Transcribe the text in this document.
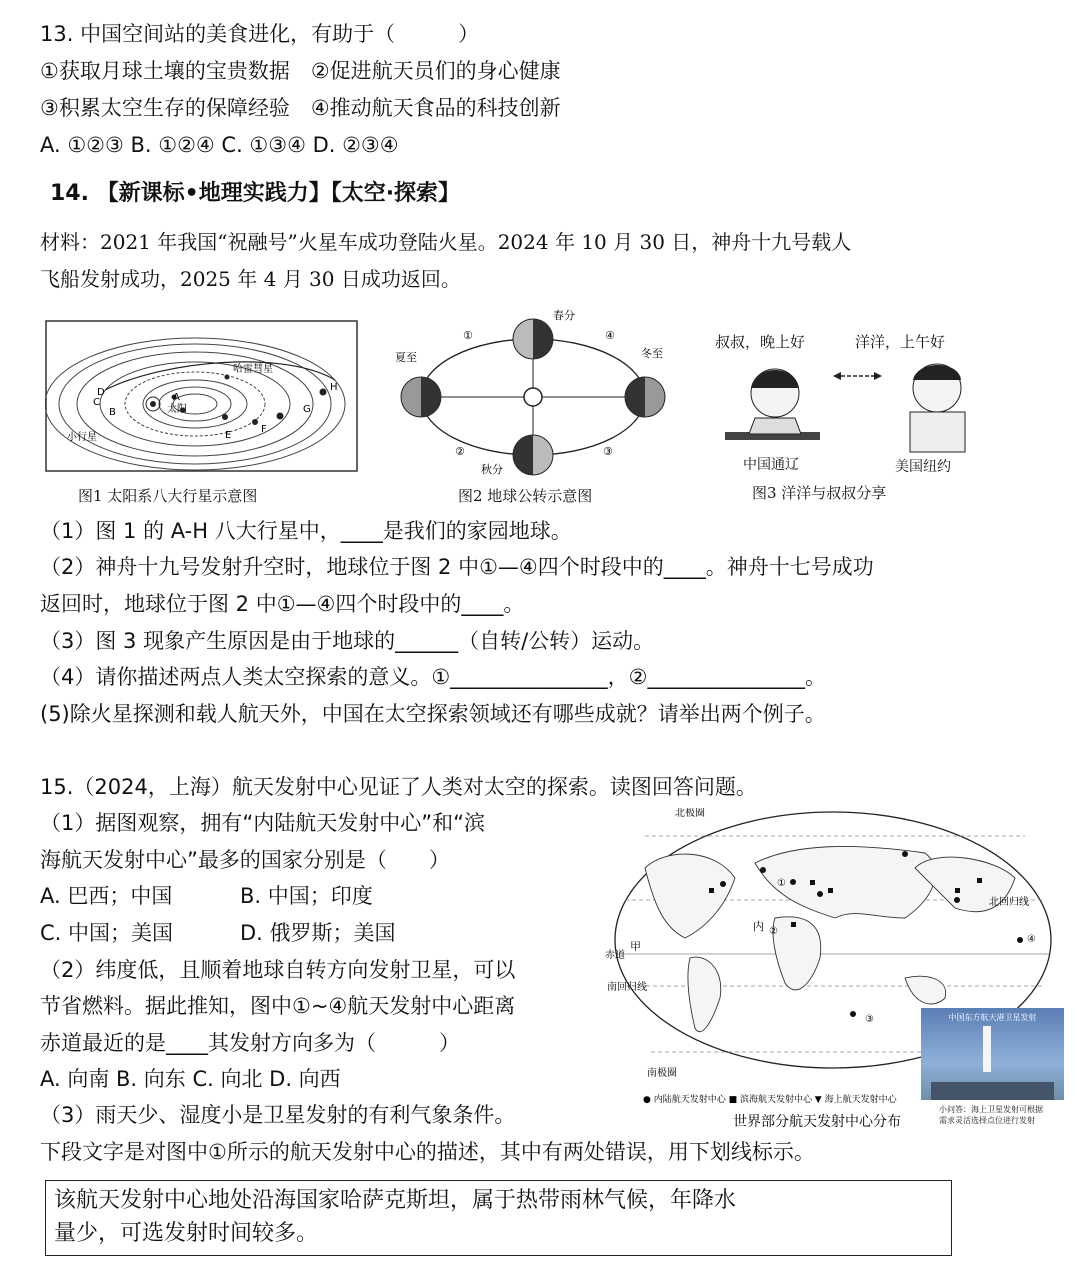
13. 中国空间站的美食进化，有助于（　　　）
①获取月球土壤的宝贵数据　②促进航天员们的身心健康
③积累太空生存的保障经验　④推动航天食品的科技创新
A. ①②③ B. ①②④ C. ①③④ D. ②③④
14. 【新课标•地理实践力】【太空·探索】
材料：2021 年我国“祝融号”火星车成功登陆火星。2024 年 10 月 30 日，神舟十九号载人
飞船发射成功，2025 年 4 月 30 日成功返回。
哈雷彗星
太阳
小行星
A
B
C
D
E
F
G
H
图1 太阳系八大行星示意图
春分
夏至	冬至
秋分
①
②	③
④
图2 地球公转示意图
叔叔，晚上好	洋洋，上午好
中国通辽	美国纽约
图3 洋洋与叔叔分享
（1）图 1 的 A-H 八大行星中，____是我们的家园地球。
（2）神舟十九号发射升空时，地球位于图 2 中①—④四个时段中的____。神舟十七号成功
返回时，地球位于图 2 中①—④四个时段中的____。
（3）图 3 现象产生原因是由于地球的______（自转/公转）运动。
（4）请你描述两点人类太空探索的意义。①_______________，②_______________。
(5)除火星探测和载人航天外，中国在太空探索领域还有哪些成就？请举出两个例子。
15.（2024，上海）航天发射中心见证了人类对太空的探索。读图回答问题。
（1）据图观察，拥有“内陆航天发射中心”和“滨
海航天发射中心”最多的国家分别是（　　）
A. 巴西；中国	B. 中国；印度
C. 中国；美国	D. 俄罗斯；美国
（2）纬度低，且顺着地球自转方向发射卫星，可以
节省燃料。据此推知，图中①~④航天发射中心距离
赤道最近的是____其发射方向多为（　　　）
A. 向南 B. 向东 C. 向北 D. 向西
（3）雨天少、湿度小是卫星发射的有利气象条件。
下段文字是对图中①所示的航天发射中心的描述，其中有两处错误，用下划线标示。
北极圈
北回归线
赤道
南回归线
南极圈
甲
内
①
②
③
④
● 内陆航天发射中心 ■ 滨海航天发射中心 ▼ 海上航天发射中心
世界部分航天发射中心分布
中国东方航天港卫星发射
小问答：海上卫星发射可根据
需求灵活选择点位进行发射
该航天发射中心地处沿海国家哈萨克斯坦，属于热带雨林气候，年降水
量少，可选发射时间较多。
